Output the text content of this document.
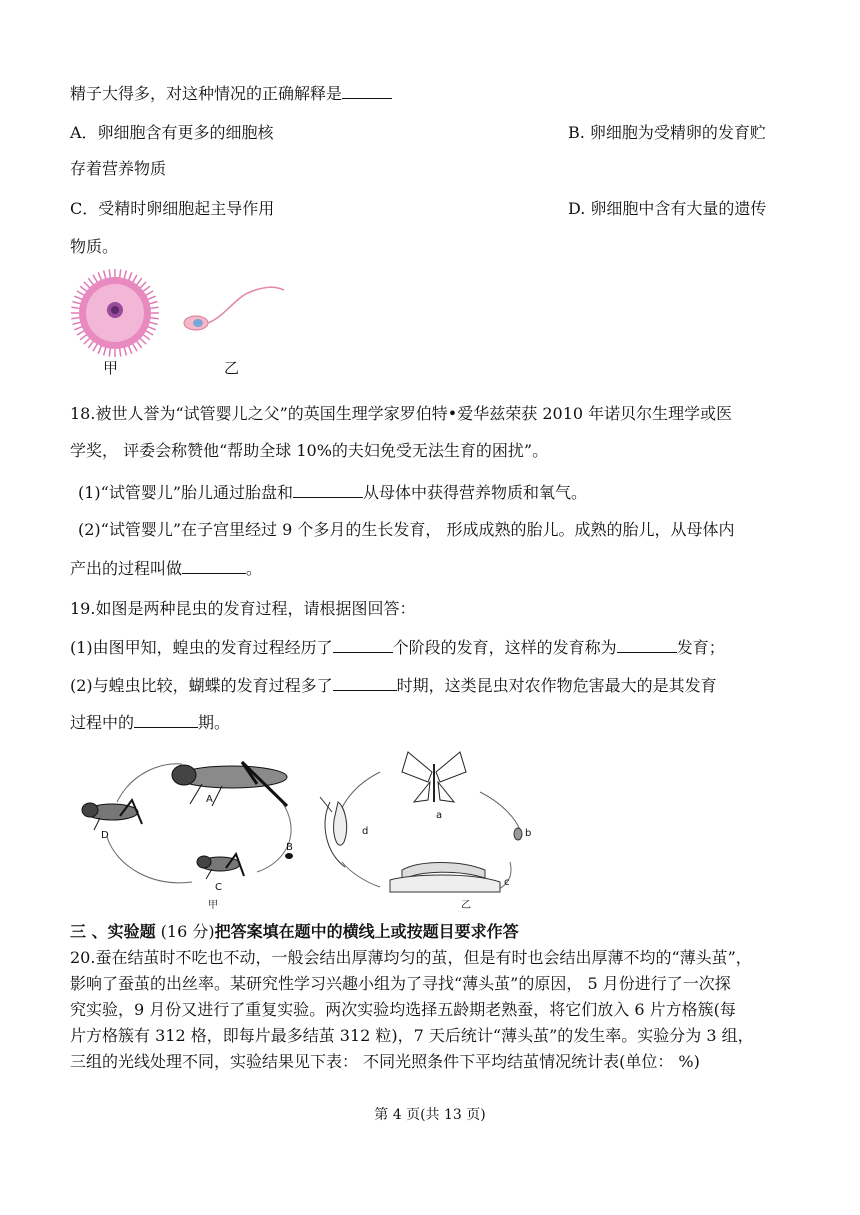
精子大得多，对这种情况的正确解释是
A．卵细胞含有更多的细胞核	B. 卵细胞为受精卵的发育贮
存着营养物质
C．受精时卵细胞起主导作用	D. 卵细胞中含有大量的遗传
物质。
甲	乙
18.被世人誉为“试管婴儿之父”的英国生理学家罗伯特•爱华兹荣获 2010 年诺贝尔生理学或医
学奖， 评委会称赞他“帮助全球 10%的夫妇免受无法生育的困扰”。
(1)“试管婴儿”胎儿通过胎盘和	从母体中获得营养物质和氧气。
(2)“试管婴儿”在子宫里经过 9 个多月的生长发育， 形成成熟的胎儿。成熟的胎儿，从母体内
产出的过程叫做	。
19.如图是两种昆虫的发育过程，请根据图回答：
(1)由图甲知，蝗虫的发育过程经历了	个阶段的发育，这样的发育称为	发育；
(2)与蝗虫比较，蝴蝶的发育过程多了	时期，这类昆虫对农作物危害最大的是其发育
过程中的	期。
A
B
C
D
甲
a
b
c
d
乙
三 、实验题 (16 分)把答案填在题中的横线上或按题目要求作答
20.蚕在结茧时不吃也不动，一般会结出厚薄均匀的茧，但是有时也会结出厚薄不均的“薄头茧”，
影响了蚕茧的出丝率。某研究性学习兴趣小组为了寻找“薄头茧”的原因， 5 月份进行了一次探
究实验，9 月份又进行了重复实验。两次实验均选择五龄期老熟蚕，将它们放入 6 片方格簇(每
片方格簇有 312 格，即每片最多结茧 312 粒)，7 天后统计“薄头茧”的发生率。实验分为 3 组，
三组的光线处理不同，实验结果见下表： 不同光照条件下平均结茧情况统计表(单位： %)
第 4 页(共 13 页)
